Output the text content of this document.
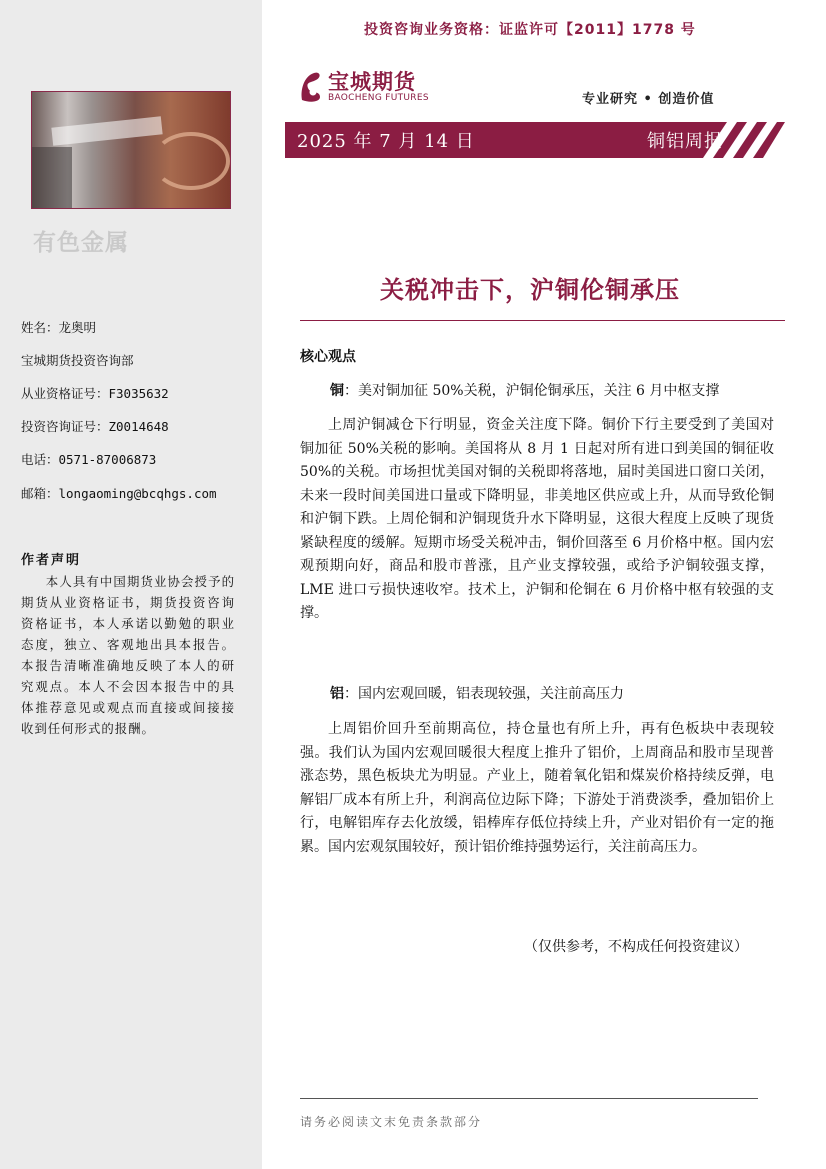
有色金属
姓名：龙奥明
宝城期货投资咨询部
从业资格证号：F3035632
投资咨询证号：Z0014648
电话：0571-87006873
邮箱：longaoming@bcqhgs.com
作者声明
本人具有中国期货业协会授予的期货从业资格证书，期货投资咨询资格证书，本人承诺以勤勉的职业态度，独立、客观地出具本报告。本报告清晰准确地反映了本人的研究观点。本人不会因本报告中的具体推荐意见或观点而直接或间接接收到任何形式的报酬。
投资咨询业务资格：证监许可【2011】1778 号
宝城期货
BAOCHENG FUTURES	专业研究 • 创造价值
2025 年 7 月 14 日	铜铝周报
关税冲击下，沪铜伦铜承压
核心观点
铜：美对铜加征 50%关税，沪铜伦铜承压，关注 6 月中枢支撑
上周沪铜减仓下行明显，资金关注度下降。铜价下行主要受到了美国对铜加征 50%关税的影响。美国将从 8 月 1 日起对所有进口到美国的铜征收 50%的关税。市场担忧美国对铜的关税即将落地，届时美国进口窗口关闭，未来一段时间美国进口量或下降明显，非美地区供应或上升，从而导致伦铜和沪铜下跌。上周伦铜和沪铜现货升水下降明显，这很大程度上反映了现货紧缺程度的缓解。短期市场受关税冲击，铜价回落至 6 月价格中枢。国内宏观预期向好，商品和股市普涨，且产业支撑较强，或给予沪铜较强支撑，LME 进口亏损快速收窄。技术上，沪铜和伦铜在 6 月价格中枢有较强的支撑。
铝：国内宏观回暖，铝表现较强，关注前高压力
上周铝价回升至前期高位，持仓量也有所上升，再有色板块中表现较强。我们认为国内宏观回暖很大程度上推升了铝价，上周商品和股市呈现普涨态势，黑色板块尤为明显。产业上，随着氧化铝和煤炭价格持续反弹，电解铝厂成本有所上升，利润高位边际下降；下游处于消费淡季，叠加铝价上行，电解铝库存去化放缓，铝棒库存低位持续上升，产业对铝价有一定的拖累。国内宏观氛围较好，预计铝价维持强势运行，关注前高压力。
（仅供参考，不构成任何投资建议）
请务必阅读文末免责条款部分
